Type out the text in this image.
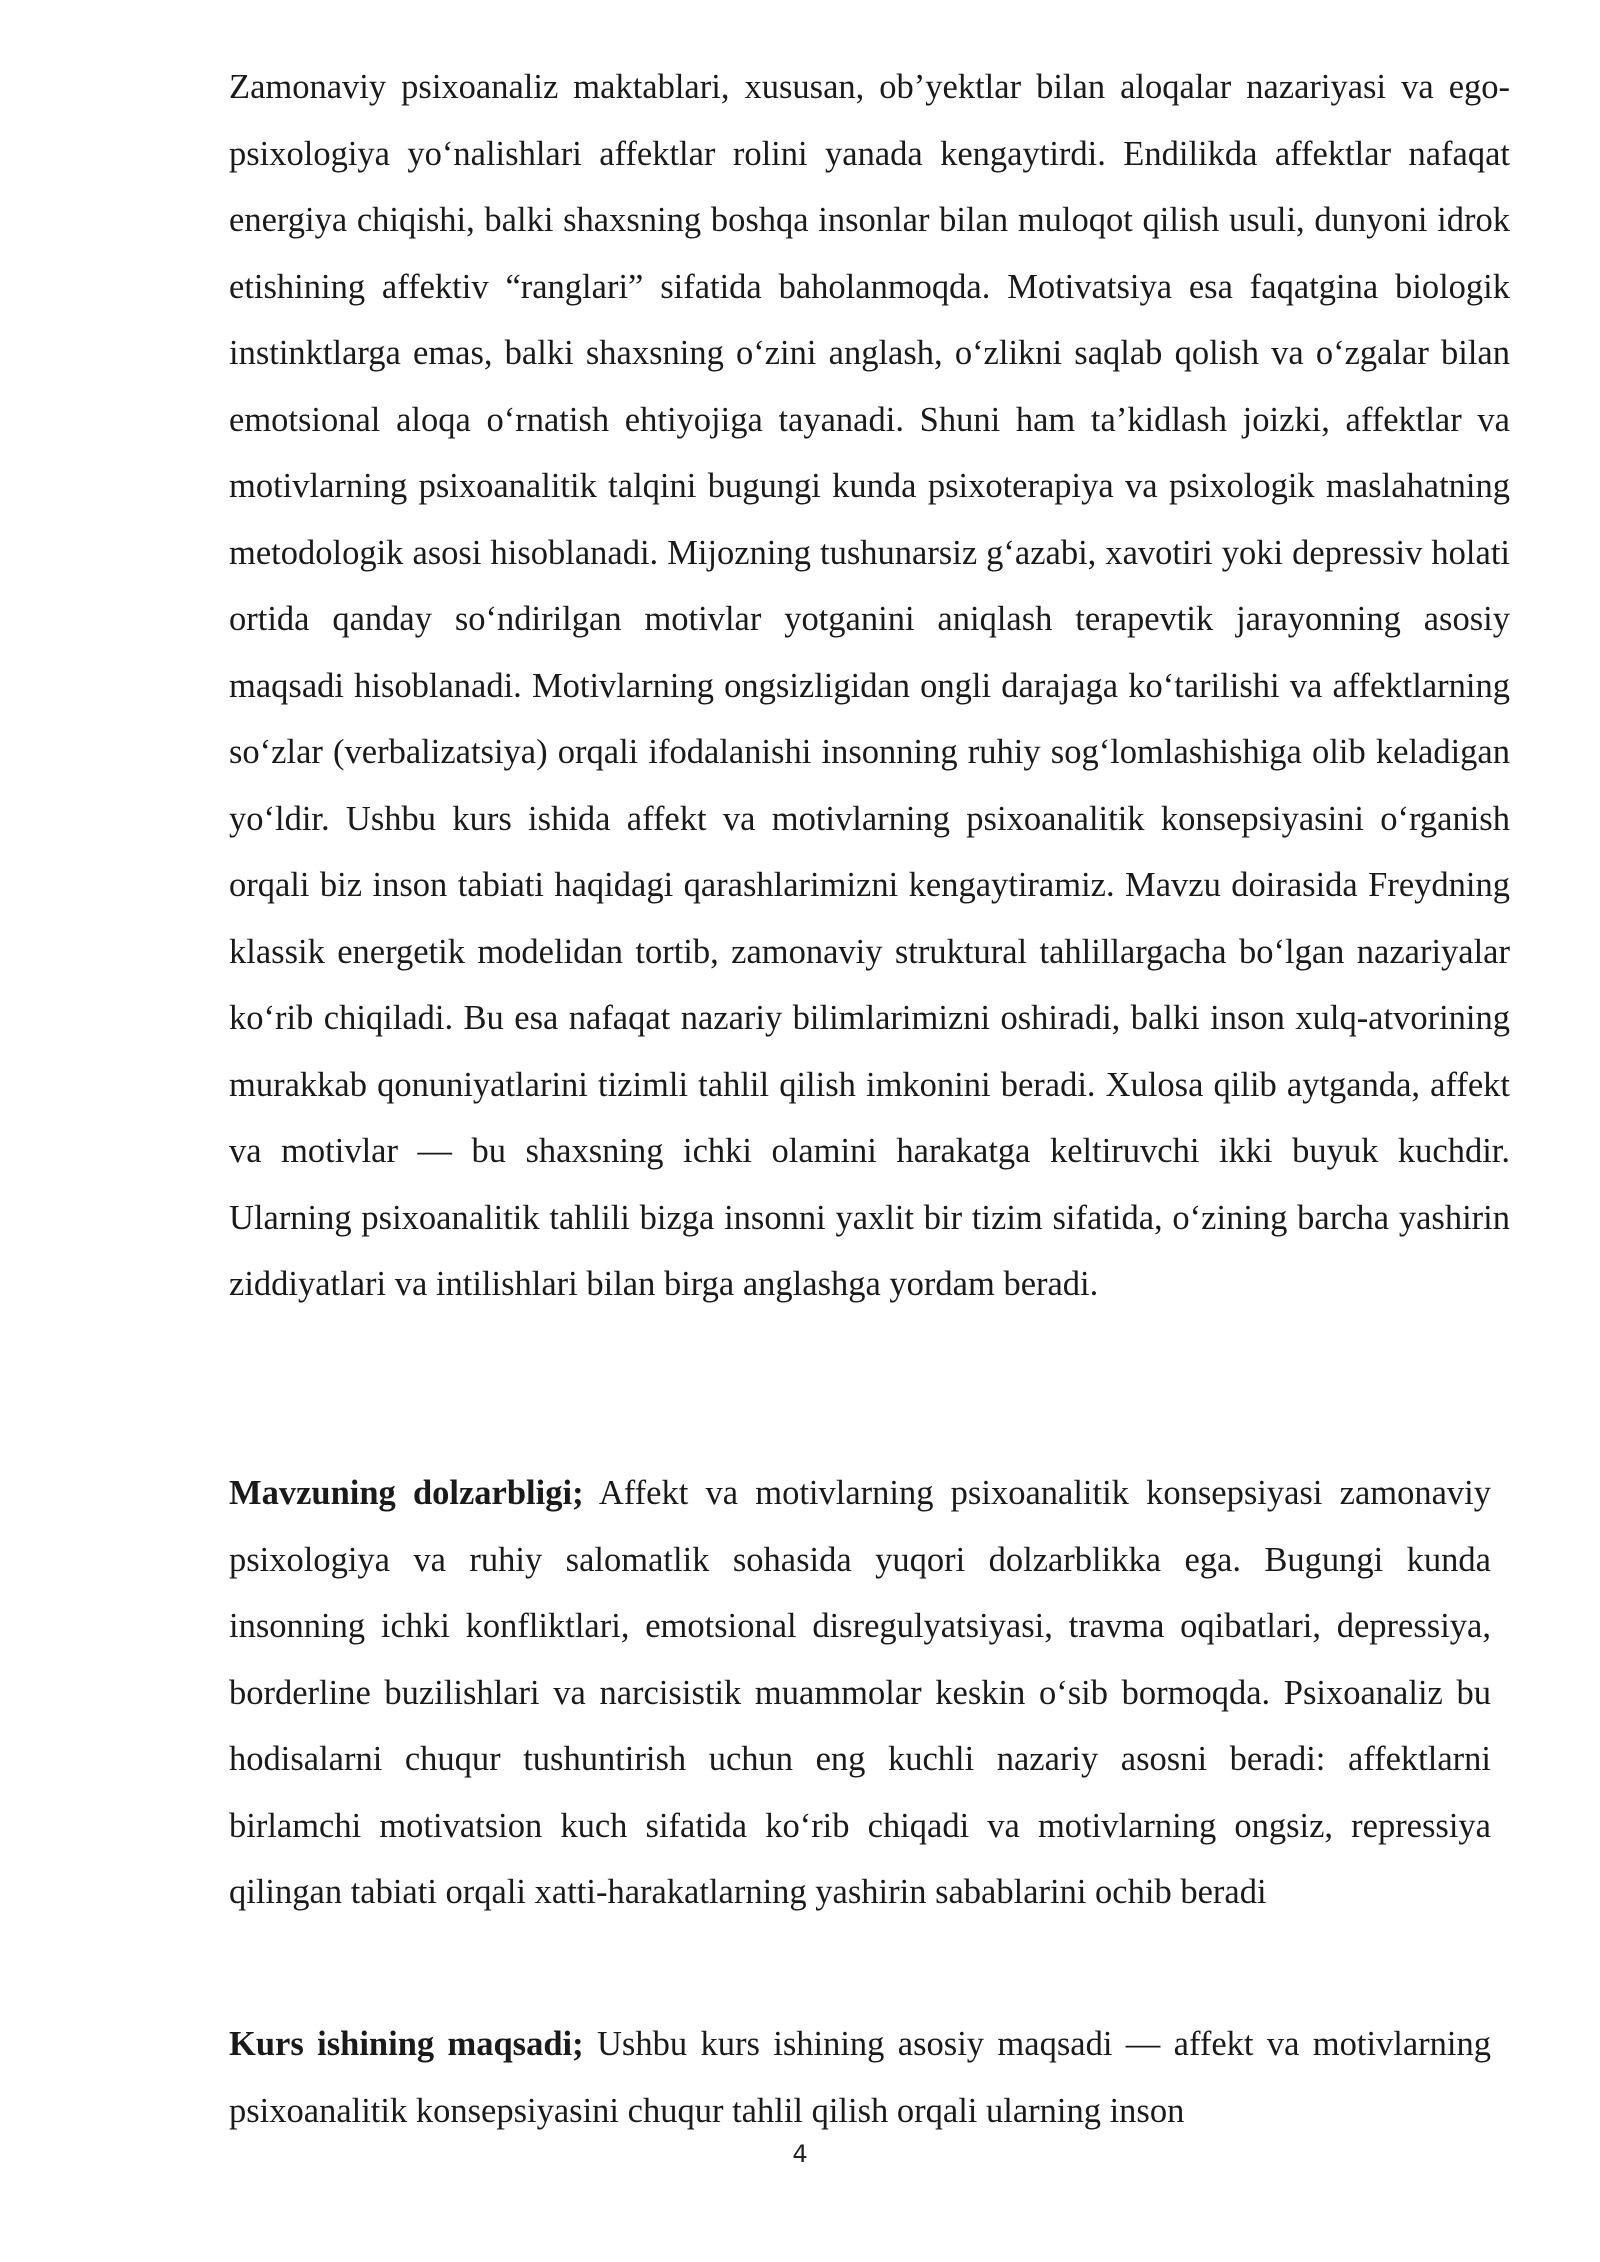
Zamonaviy psixoanaliz maktablari, xususan, ob’yektlar bilan aloqalar nazariyasi va ego-psixologiya yo‘nalishlari affektlar rolini yanada kengaytirdi. Endilikda affektlar nafaqat energiya chiqishi, balki shaxsning boshqa insonlar bilan muloqot qilish usuli, dunyoni idrok etishining affektiv “ranglari” sifatida baholanmoqda. Motivatsiya esa faqatgina biologik instinktlarga emas, balki shaxsning o‘zini anglash, o‘zlikni saqlab qolish va o‘zgalar bilan emotsional aloqa o‘rnatish ehtiyojiga tayanadi. Shuni ham ta’kidlash joizki, affektlar va motivlarning psixoanalitik talqini bugungi kunda psixoterapiya va psixologik maslahatning metodologik asosi hisoblanadi. Mijozning tushunarsiz g‘azabi, xavotiri yoki depressiv holati ortida qanday so‘ndirilgan motivlar yotganini aniqlash terapevtik jarayonning asosiy maqsadi hisoblanadi. Motivlarning ongsizligidan ongli darajaga ko‘tarilishi va affektlarning so‘zlar (verbalizatsiya) orqali ifodalanishi insonning ruhiy sog‘lomlashishiga olib keladigan yo‘ldir. Ushbu kurs ishida affekt va motivlarning psixoanalitik konsepsiyasini o‘rganish orqali biz inson tabiati haqidagi qarashlarimizni kengaytiramiz. Mavzu doirasida Freydning klassik energetik modelidan tortib, zamonaviy struktural tahlillargacha bo‘lgan nazariyalar ko‘rib chiqiladi. Bu esa nafaqat nazariy bilimlarimizni oshiradi, balki inson xulq-atvorining murakkab qonuniyatlarini tizimli tahlil qilish imkonini beradi. Xulosa qilib aytganda, affekt va motivlar — bu shaxsning ichki olamini harakatga keltiruvchi ikki buyuk kuchdir. Ularning psixoanalitik tahlili bizga insonni yaxlit bir tizim sifatida, o‘zining barcha yashirin ziddiyatlari va intilishlari bilan birga anglashga yordam beradi.

Mavzuning dolzarbligi; Affekt va motivlarning psixoanalitik konsepsiyasi zamonaviy psixologiya va ruhiy salomatlik sohasida yuqori dolzarblikka ega. Bugungi kunda insonning ichki konfliktlari, emotsional disregulyatsiyasi, travma oqibatlari, depressiya, borderline buzilishlari va narcisistik muammolar keskin o‘sib bormoqda. Psixoanaliz bu hodisalarni chuqur tushuntirish uchun eng kuchli nazariy asosni beradi: affektlarni birlamchi motivatsion kuch sifatida ko‘rib chiqadi va motivlarning ongsiz, repressiya qilingan tabiati orqali xatti-harakatlarning yashirin sabablarini ochib beradi

Kurs ishining maqsadi; Ushbu kurs ishining asosiy maqsadi — affekt va motivlarning psixoanalitik konsepsiyasini chuqur tahlil qilish orqali ularning inson

4
